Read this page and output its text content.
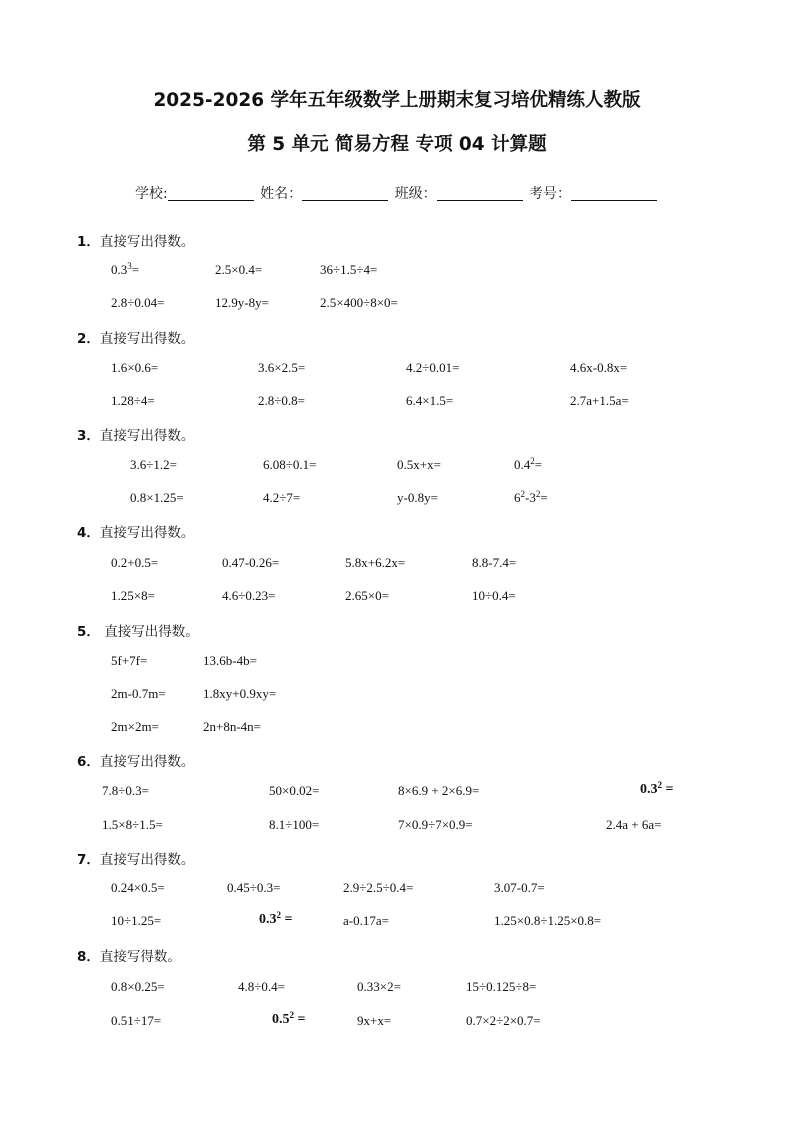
2025-2026 学年五年级数学上册期末复习培优精练人教版
第 5 单元 简易方程 专项 04 计算题
学校:	姓名：	班级：	考号：
1．直接写出得数。
$0.3^3=$	2.5×0.4=	36÷1.5÷4=
2.8÷0.04=	12.9y-8y=	2.5×400÷8×0=
2．直接写出得数。
1.6×0.6=	3.6×2.5=	4.2÷0.01=	4.6x-0.8x=
1.28÷4=	2.8÷0.8=	6.4×1.5=	2.7a+1.5a=
3．直接写出得数。
3.6÷1.2=	6.08÷0.1=	0.5x+x=	$0.4^2=$
0.8×1.25=	4.2÷7=	y-0.8y=	$6^2-3^2=$
4．直接写出得数。
0.2+0.5=	0.47-0.26=	5.8x+6.2x=	8.8-7.4=
1.25×8=	4.6÷0.23=	2.65×0=	10÷0.4=
5． 直接写出得数。
5f+7f=	13.6b-4b=
2m-0.7m=	1.8xy+0.9xy=
2m×2m=	2n+8n-4n=
6．直接写出得数。
7.8÷0.3=	50×0.02=	8×6.9 + 2×6.9=	$0.3^2$ =
1.5×8÷1.5=	8.1÷100=	7×0.9÷7×0.9=	2.4a + 6a=
7．直接写出得数。
0.24×0.5=	0.45÷0.3=	2.9÷2.5÷0.4=	3.07-0.7=
10÷1.25=	$0.3^2$ =	a-0.17a=	1.25×0.8÷1.25×0.8=
8．直接写得数。
0.8×0.25=	4.8÷0.4=	0.33×2=	15÷0.125÷8=
0.51÷17=	$0.5^2$ =	9x+x=	0.7×2÷2×0.7=
